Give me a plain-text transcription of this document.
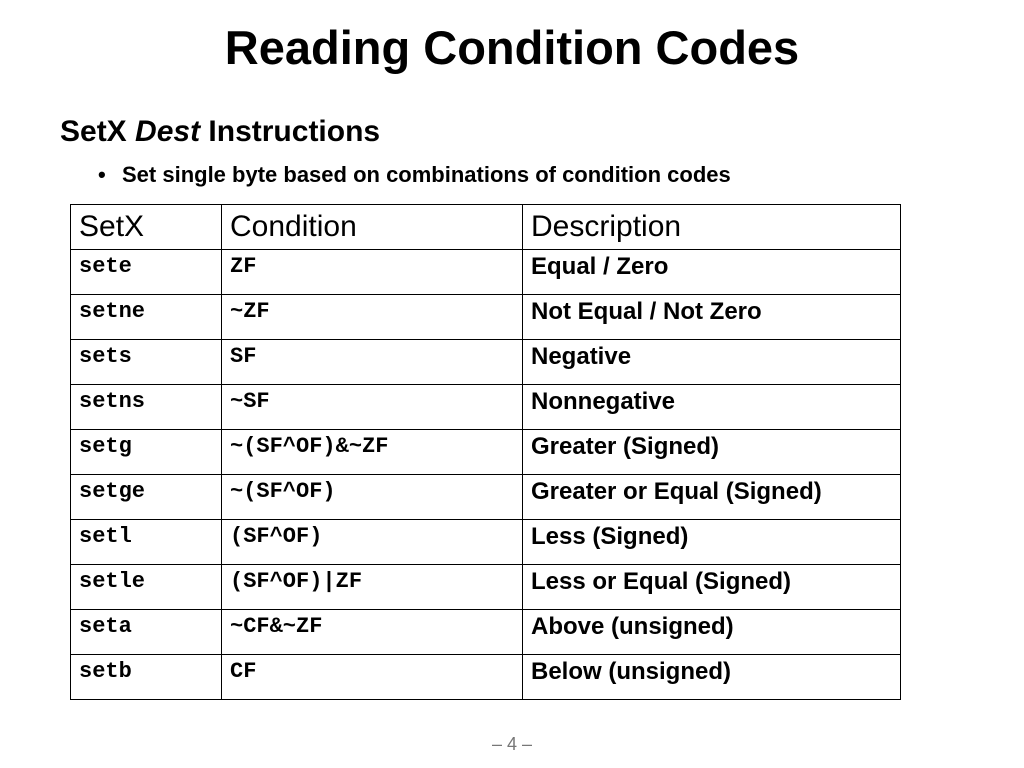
Reading Condition Codes
SetX Dest Instructions
• Set single byte based on combinations of condition codes
SetX	Condition	Description
sete	ZF	Equal / Zero
setne	~ZF	Not Equal / Not Zero
sets	SF	Negative
setns	~SF	Nonnegative
setg	~(SF^OF)&~ZF	Greater (Signed)
setge	~(SF^OF)	Greater or Equal (Signed)
setl	(SF^OF)	Less (Signed)
setle	(SF^OF)|ZF	Less or Equal (Signed)
seta	~CF&~ZF	Above (unsigned)
setb	CF	Below (unsigned)
– 4 –
